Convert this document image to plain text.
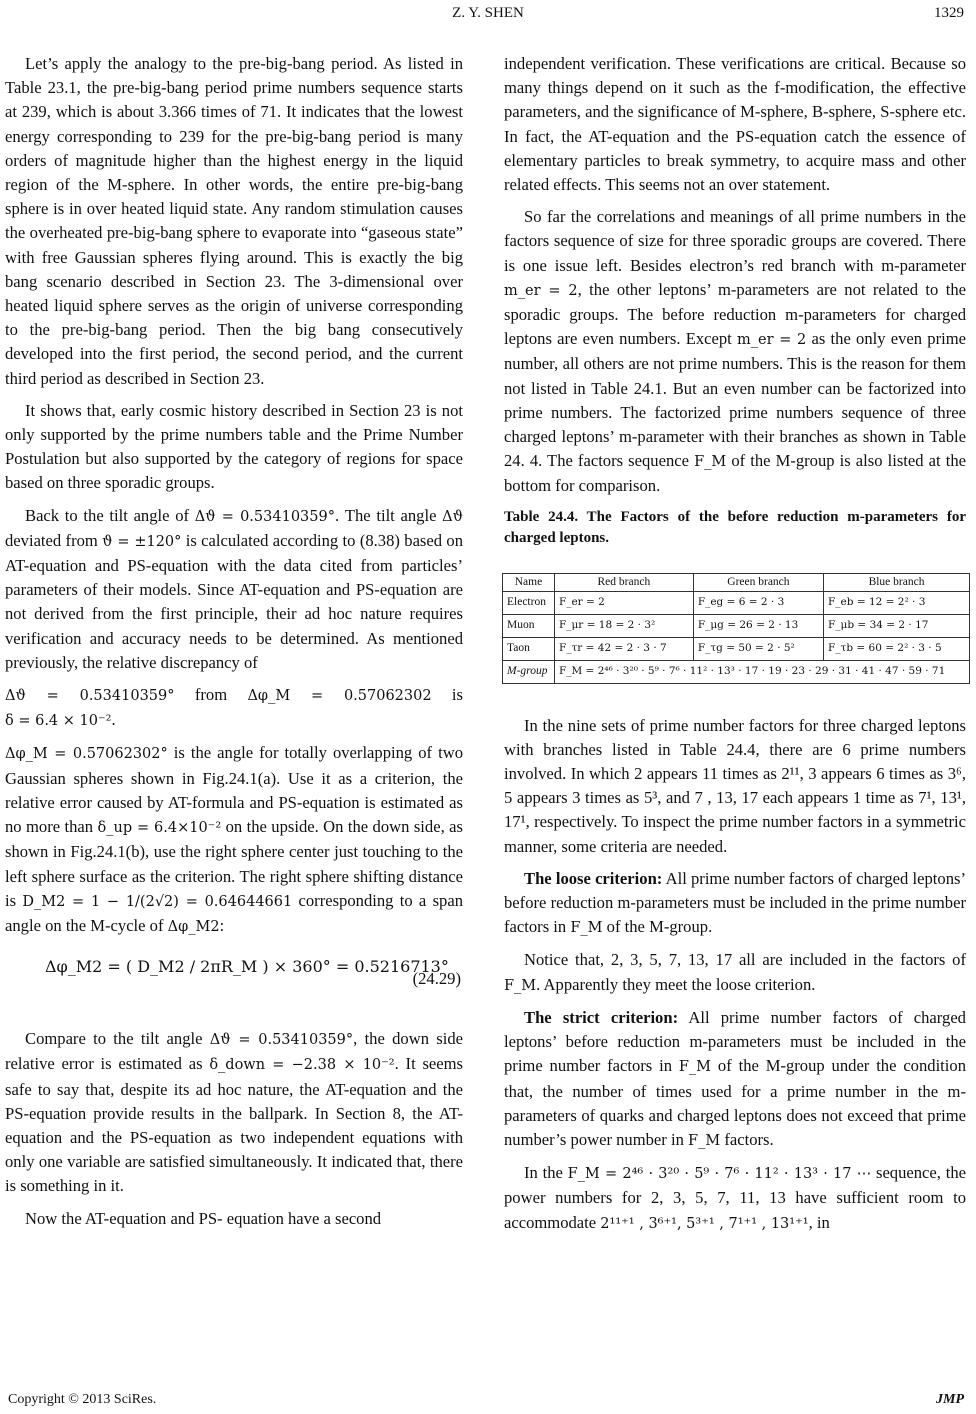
Z. Y. SHEN	1329

Let’s apply the analogy to the pre-big-bang period. As listed in Table 23.1, the pre-big-bang period prime numbers sequence starts at 239, which is about 3.366 times of 71. It indicates that the lowest energy corresponding to 239 for the pre-big-bang period is many orders of magnitude higher than the highest energy in the liquid region of the M-sphere. In other words, the entire pre-big-bang sphere is in over heated liquid state. Any random stimulation causes the overheated pre-big-bang sphere to evaporate into “gaseous state” with free Gaussian spheres flying around. This is exactly the big bang scenario described in Section 23. The 3-dimensional over heated liquid sphere serves as the origin of universe corresponding to the pre-big-bang period. Then the big bang consecutively developed into the first period, the second period, and the current third period as described in Section 23.

It shows that, early cosmic history described in Section 23 is not only supported by the prime numbers table and the Prime Number Postulation but also supported by the category of regions for space based on three sporadic groups.

Back to the tilt angle of Δϑ = 0.53410359°. The tilt angle Δϑ deviated from ϑ = ±120° is calculated according to (8.38) based on AT-equation and PS-equation with the data cited from particles’ parameters of their models. Since AT-equation and PS-equation are not derived from the first principle, their ad hoc nature requires verification and accuracy needs to be determined. As mentioned previously, the relative discrepancy of

Δϑ = 0.53410359° from Δφ_M = 0.57062302 is δ = 6.4 × 10⁻².

Δφ_M = 0.57062302° is the angle for totally overlapping of two Gaussian spheres shown in Fig.24.1(a). Use it as a criterion, the relative error caused by AT-formula and PS-equation is estimated as no more than δ_up = 6.4×10⁻² on the upside. On the down side, as shown in Fig.24.1(b), use the right sphere center just touching to the left sphere surface as the criterion. The right sphere shifting distance is D_M2 = 1 − 1/(2√2) = 0.64644661 corresponding to a span angle on the M-cycle of Δφ_M2:

Δφ_M2 = ( D_M2 / 2πR_M ) × 360° = 0.5216713°
(24.29)

Compare to the tilt angle Δϑ = 0.53410359°, the down side relative error is estimated as δ_down = −2.38 × 10⁻². It seems safe to say that, despite its ad hoc nature, the AT-equation and the PS-equation provide results in the ballpark. In Section 8, the AT-equation and the PS-equation as two independent equations with only one variable are satisfied simultaneously. It indicated that, there is something in it.

Now the AT-equation and PS- equation have a second

independent verification. These verifications are critical. Because so many things depend on it such as the f-modification, the effective parameters, and the significance of M-sphere, B-sphere, S-sphere etc. In fact, the AT-equation and the PS-equation catch the essence of elementary particles to break symmetry, to acquire mass and other related effects. This seems not an over statement.

So far the correlations and meanings of all prime numbers in the factors sequence of size for three sporadic groups are covered. There is one issue left. Besides electron’s red branch with m-parameter m_er = 2, the other leptons’ m-parameters are not related to the sporadic groups. The before reduction m-parameters for charged leptons are even numbers. Except m_er = 2 as the only even prime number, all others are not prime numbers. This is the reason for them not listed in Table 24.1. But an even number can be factorized into prime numbers. The factorized prime numbers sequence of three charged leptons’ m-parameter with their branches as shown in Table 24. 4. The factors sequence F_M of the M-group is also listed at the bottom for comparison.

Table 24.4. The Factors of the before reduction m-parameters for charged leptons.
Name	Red branch	Green branch	Blue branch
Electron	F_er = 2	F_eg = 6 = 2 · 3	F_eb = 12 = 2² · 3
Muon	F_μr = 18 = 2 · 3²	F_μg = 26 = 2 · 13	F_μb = 34 = 2 · 17
Taon	F_τr = 42 = 2 · 3 · 7	F_τg = 50 = 2 · 5²	F_τb = 60 = 2² · 3 · 5
M-group	F_M = 2⁴⁶ · 3²⁰ · 5⁹ · 7⁶ · 11² · 13³ · 17 · 19 · 23 · 29 · 31 · 41 · 47 · 59 · 71		

In the nine sets of prime number factors for three charged leptons with branches listed in Table 24.4, there are 6 prime numbers involved. In which 2 appears 11 times as 2¹¹, 3 appears 6 times as 3⁶, 5 appears 3 times as 5³, and 7 , 13, 17 each appears 1 time as 7¹, 13¹, 17¹, respectively. To inspect the prime number factors in a symmetric manner, some criteria are needed.

The loose criterion: All prime number factors of charged leptons’ before reduction m-parameters must be included in the prime number factors in F_M of the M-group.

Notice that, 2, 3, 5, 7, 13, 17 all are included in the factors of F_M. Apparently they meet the loose criterion.

The strict criterion: All prime number factors of charged leptons’ before reduction m-parameters must be included in the prime number factors in F_M of the M-group under the condition that, the number of times used for a prime number in the m-parameters of quarks and charged leptons does not exceed that prime number’s power number in F_M factors.

In the F_M = 2⁴⁶ · 3²⁰ · 5⁹ · 7⁶ · 11² · 13³ · 17 ⋯ sequence, the power numbers for 2, 3, 5, 7, 11, 13 have sufficient room to accommodate 2¹¹⁺¹ , 3⁶⁺¹, 5³⁺¹ , 7¹⁺¹ , 13¹⁺¹, in

Copyright © 2013 SciRes.	JMP
